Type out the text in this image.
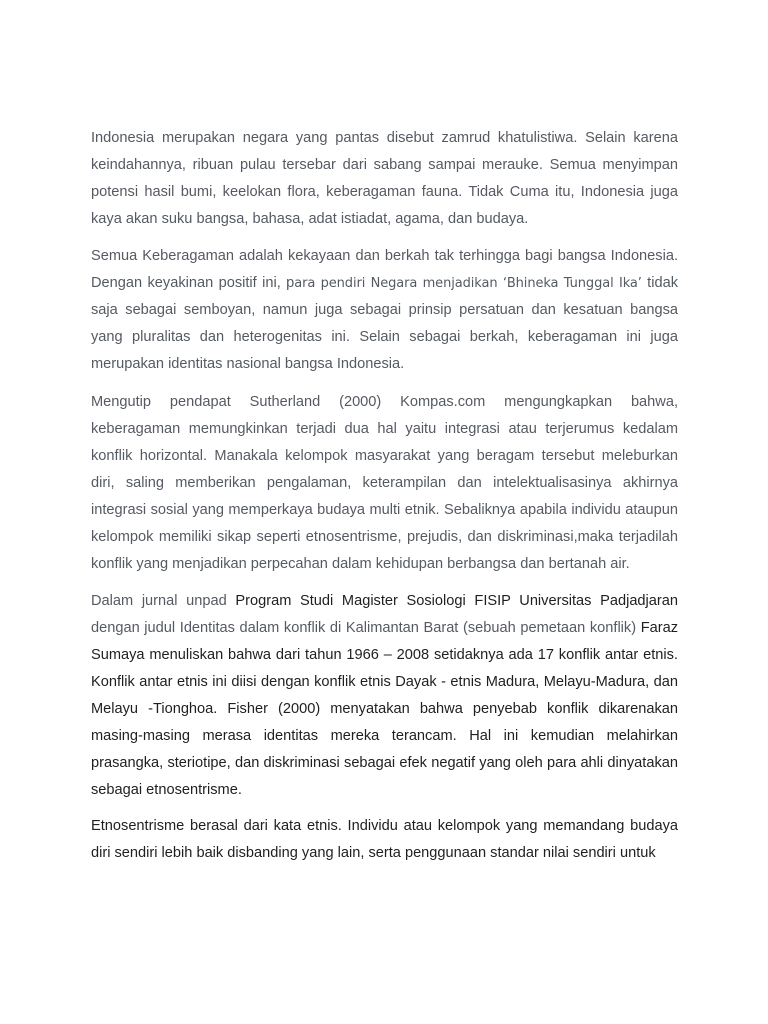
Indonesia merupakan negara yang pantas disebut zamrud khatulistiwa. Selain karena keindahannya, ribuan pulau tersebar dari sabang sampai merauke. Semua menyimpan potensi hasil bumi, keelokan flora, keberagaman fauna. Tidak Cuma itu, Indonesia juga kaya akan suku bangsa, bahasa, adat istiadat, agama, dan budaya.

Semua Keberagaman adalah kekayaan dan berkah tak terhingga bagi bangsa Indonesia. Dengan keyakinan positif ini, para pendiri Negara menjadikan ‘Bhineka Tunggal Ika’ tidak saja sebagai semboyan, namun juga sebagai prinsip persatuan dan kesatuan bangsa yang pluralitas dan heterogenitas ini. Selain sebagai berkah, keberagaman ini juga merupakan identitas nasional bangsa Indonesia.

Mengutip pendapat Sutherland (2000) Kompas.com mengungkapkan bahwa, keberagaman memungkinkan terjadi dua hal yaitu integrasi atau terjerumus kedalam konflik horizontal. Manakala kelompok masyarakat yang beragam tersebut meleburkan diri, saling memberikan pengalaman, keterampilan dan intelektualisasinya akhirnya integrasi sosial yang memperkaya budaya multi etnik. Sebaliknya apabila individu ataupun kelompok memiliki sikap seperti etnosentrisme, prejudis, dan diskriminasi,maka terjadilah konflik yang menjadikan perpecahan dalam kehidupan berbangsa dan bertanah air.

Dalam jurnal unpad Program Studi Magister Sosiologi FISIP Universitas Padjadjaran dengan judul Identitas dalam konflik di Kalimantan Barat (sebuah pemetaan konflik) Faraz Sumaya menuliskan bahwa dari tahun 1966 – 2008 setidaknya ada 17 konflik antar etnis. Konflik antar etnis ini diisi dengan konflik etnis Dayak - etnis Madura, Melayu-Madura, dan Melayu -Tionghoa. Fisher (2000) menyatakan bahwa penyebab konflik dikarenakan masing-masing merasa identitas mereka terancam. Hal ini kemudian melahirkan prasangka, steriotipe, dan diskriminasi sebagai efek negatif yang oleh para ahli dinyatakan sebagai etnosentrisme.

Etnosentrisme berasal dari kata etnis. Individu atau kelompok yang memandang budaya diri sendiri lebih baik disbanding yang lain, serta penggunaan standar nilai sendiri untuk
